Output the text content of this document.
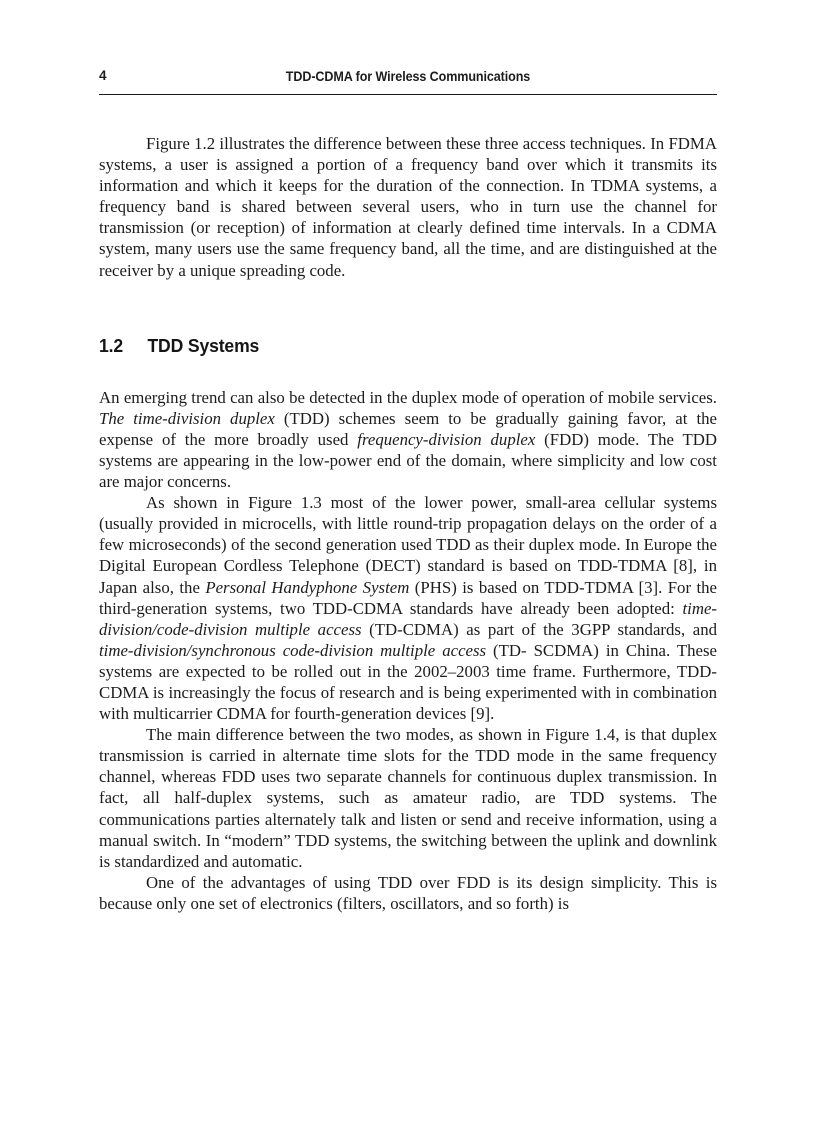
4	TDD-CDMA for Wireless Communications

Figure 1.2 illustrates the difference between these three access techniques. In FDMA systems, a user is assigned a portion of a frequency band over which it transmits its information and which it keeps for the duration of the connection. In TDMA systems, a frequency band is shared between several users, who in turn use the channel for transmission (or reception) of information at clearly defined time intervals. In a CDMA system, many users use the same frequency band, all the time, and are distinguished at the receiver by a unique spreading code.

1.2	TDD Systems

An emerging trend can also be detected in the duplex mode of operation of mobile services. The time-division duplex (TDD) schemes seem to be gradually gaining favor, at the expense of the more broadly used frequency-division duplex (FDD) mode. The TDD systems are appearing in the low-power end of the domain, where simplicity and low cost are major concerns.

As shown in Figure 1.3 most of the lower power, small-area cellular systems (usually provided in microcells, with little round-trip propagation delays on the order of a few microseconds) of the second generation used TDD as their duplex mode. In Europe the Digital European Cordless Telephone (DECT) standard is based on TDD-TDMA [8], in Japan also, the Personal Handyphone System (PHS) is based on TDD-TDMA [3]. For the third-generation systems, two TDD-CDMA standards have already been adopted: time-division/code-division multiple access (TD-CDMA) as part of the 3GPP standards, and time-division/synchronous code-division multiple access (TD- SCDMA) in China. These systems are expected to be rolled out in the 2002–2003 time frame. Furthermore, TDD-CDMA is increasingly the focus of research and is being experimented with in combination with multicarrier CDMA for fourth-generation devices [9].

The main difference between the two modes, as shown in Figure 1.4, is that duplex transmission is carried in alternate time slots for the TDD mode in the same frequency channel, whereas FDD uses two separate channels for continuous duplex transmission. In fact, all half-duplex systems, such as amateur radio, are TDD systems. The communications parties alternately talk and listen or send and receive information, using a manual switch. In “modern” TDD systems, the switching between the uplink and downlink is standardized and automatic.

One of the advantages of using TDD over FDD is its design simplicity. This is because only one set of electronics (filters, oscillators, and so forth) is
